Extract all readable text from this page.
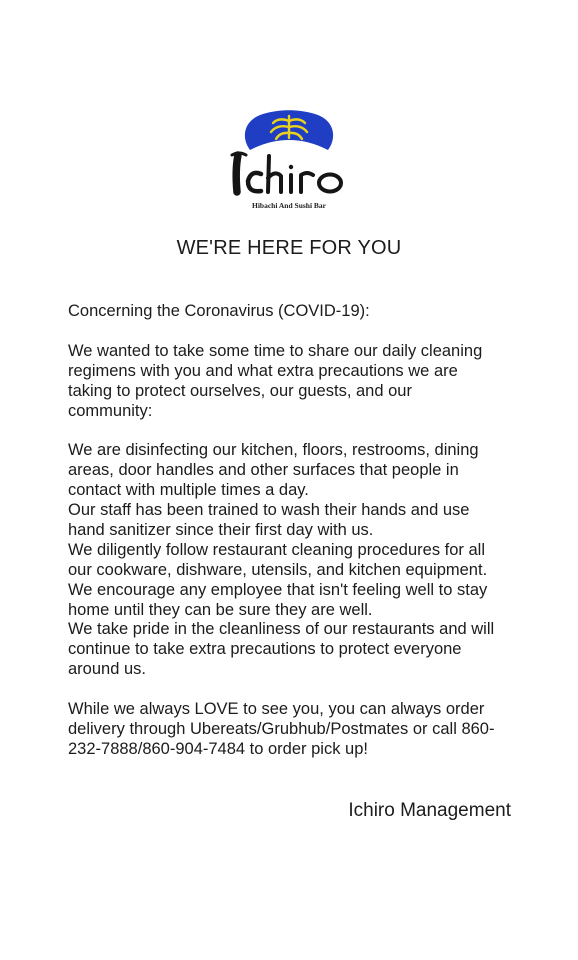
Hibachi And Sushi Bar
WE'RE HERE FOR YOU

Concerning the Coronavirus (COVID-19):

We wanted to take some time to share our daily cleaning
regimens with you and what extra precautions we are
taking to protect ourselves, our guests, and our
community:

We are disinfecting our kitchen, floors, restrooms, dining
areas, door handles and other surfaces that people in
contact with multiple times a day.
Our staff has been trained to wash their hands and use
hand sanitizer since their first day with us.
We diligently follow restaurant cleaning procedures for all
our cookware, dishware, utensils, and kitchen equipment.
We encourage any employee that isn't feeling well to stay
home until they can be sure they are well.
We take pride in the cleanliness of our restaurants and will
continue to take extra precautions to protect everyone
around us.

While we always LOVE to see you, you can always order
delivery through Ubereats/Grubhub/Postmates or call 860-
232-7888/860-904-7484 to order pick up!

Ichiro Management
